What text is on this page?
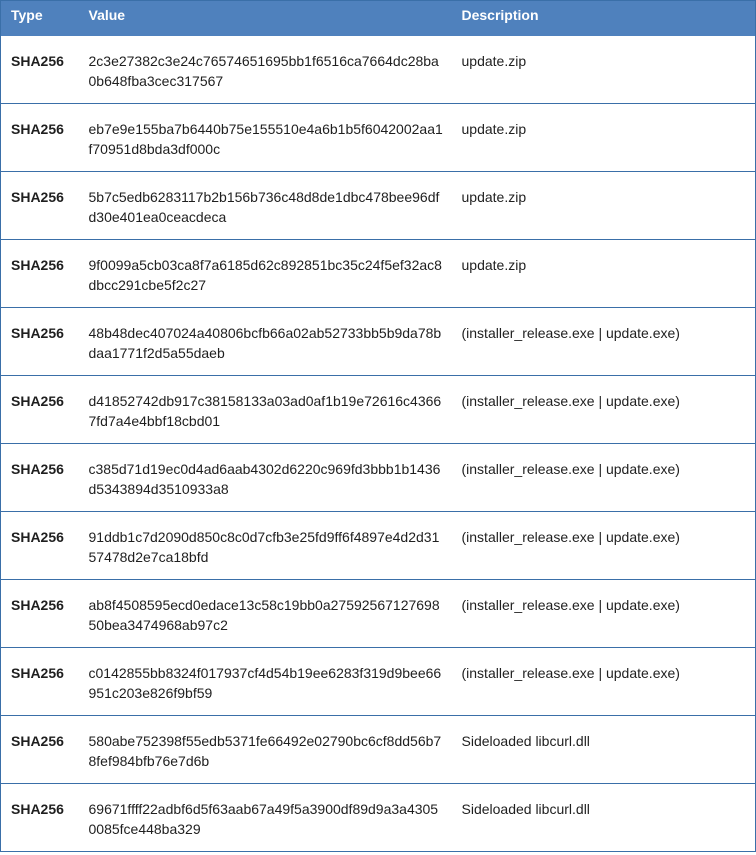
Type	Value	Description
SHA256	2c3e27382c3e24c76574651695bb1f6516ca7664dc28ba0b648fba3cec317567	update.zip
SHA256	eb7e9e155ba7b6440b75e155510e4a6b1b5f6042002aa1f70951d8bda3df000c	update.zip
SHA256	5b7c5edb6283117b2b156b736c48d8de1dbc478bee96dfd30e401ea0ceacdeca	update.zip
SHA256	9f0099a5cb03ca8f7a6185d62c892851bc35c24f5ef32ac8dbcc291cbe5f2c27	update.zip
SHA256	48b48dec407024a40806bcfb66a02ab52733bb5b9da78bdaa1771f2d5a55daeb	(installer_release.exe | update.exe)
SHA256	d41852742db917c38158133a03ad0af1b19e72616c43667fd7a4e4bbf18cbd01	(installer_release.exe | update.exe)
SHA256	c385d71d19ec0d4ad6aab4302d6220c969fd3bbb1b1436d5343894d3510933a8	(installer_release.exe | update.exe)
SHA256	91ddb1c7d2090d850c8c0d7cfb3e25fd9ff6f4897e4d2d3157478d2e7ca18bfd	(installer_release.exe | update.exe)
SHA256	ab8f4508595ecd0edace13c58c19bb0a2759256712769850bea3474968ab97c2	(installer_release.exe | update.exe)
SHA256	c0142855bb8324f017937cf4d54b19ee6283f319d9bee66951c203e826f9bf59	(installer_release.exe | update.exe)
SHA256	580abe752398f55edb5371fe66492e02790bc6cf8dd56b78fef984bfb76e7d6b	Sideloaded libcurl.dll
SHA256	69671ffff22adbf6d5f63aab67a49f5a3900df89d9a3a43050085fce448ba329	Sideloaded libcurl.dll
